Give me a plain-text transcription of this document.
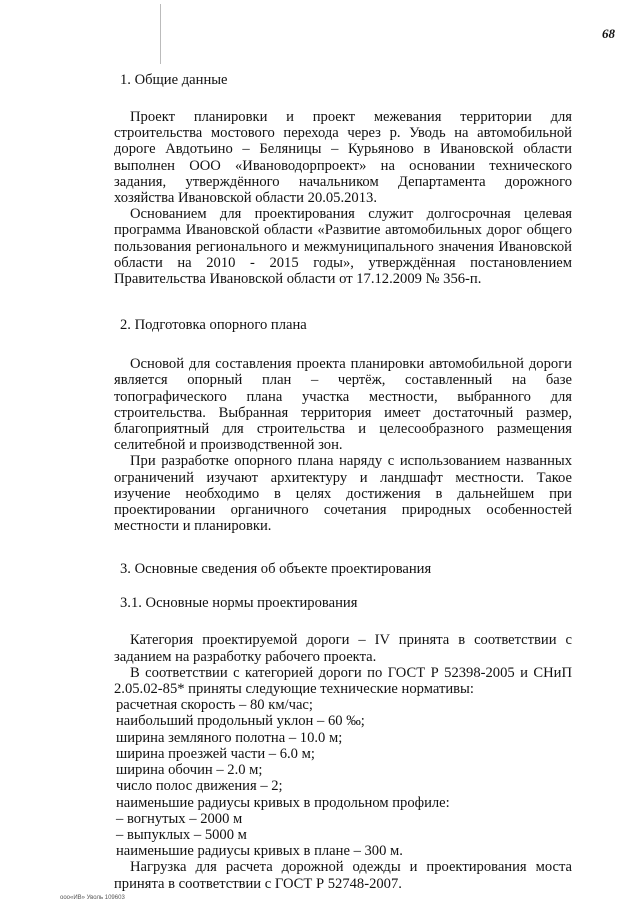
68

1. Общие данные

Проект планировки и проект межевания территории для строительства мостового перехода через р. Уводь на автомобильной дороге Авдотьино – Беляницы – Курьяново в Ивановской области выполнен ООО «Ивановодорпроект» на основании технического задания, утверждённого начальником Департамента дорожного хозяйства Ивановской области 20.05.2013.

Основанием для проектирования служит долгосрочная целевая программа Ивановской области «Развитие автомобильных дорог общего пользования регионального и межмуниципального значения Ивановской области на 2010 - 2015 годы», утверждённая постановлением Правительства Ивановской области от 17.12.2009 № 356-п.

2. Подготовка опорного плана

Основой для составления проекта планировки автомобильной дороги является опорный план – чертёж, составленный на базе топографического плана участка местности, выбранного для строительства. Выбранная территория имеет достаточный размер, благоприятный для строительства и целесообразного размещения селитебной и производственной зон.

При разработке опорного плана наряду с использованием названных ограничений изучают архитектуру и ландшафт местности. Такое изучение необходимо в целях достижения в дальнейшем при проектировании органичного сочетания природных особенностей местности и планировки.

3. Основные сведения об объекте проектирования

3.1. Основные нормы проектирования

Категория проектируемой дороги – IV принята в соответствии с заданием на разработку рабочего проекта.

В соответствии с категорией дороги по ГОСТ Р 52398-2005 и СНиП 2.05.02-85* приняты следующие технические нормативы:

расчетная скорость – 80 км/час;

наибольший продольный уклон – 60 ‰;

ширина земляного полотна – 10.0 м;

ширина проезжей части – 6.0 м;

ширина обочин – 2.0 м;

число полос движения – 2;

наименьшие радиусы кривых в продольном профиле:

– вогнутых – 2000 м

– выпуклых – 5000 м

наименьшие радиусы кривых в плане – 300 м.

Нагрузка для расчета дорожной одежды и проектирования моста принята в соответствии с ГОСТ Р 52748-2007.

ooo«ИВ» Уволь 109603
